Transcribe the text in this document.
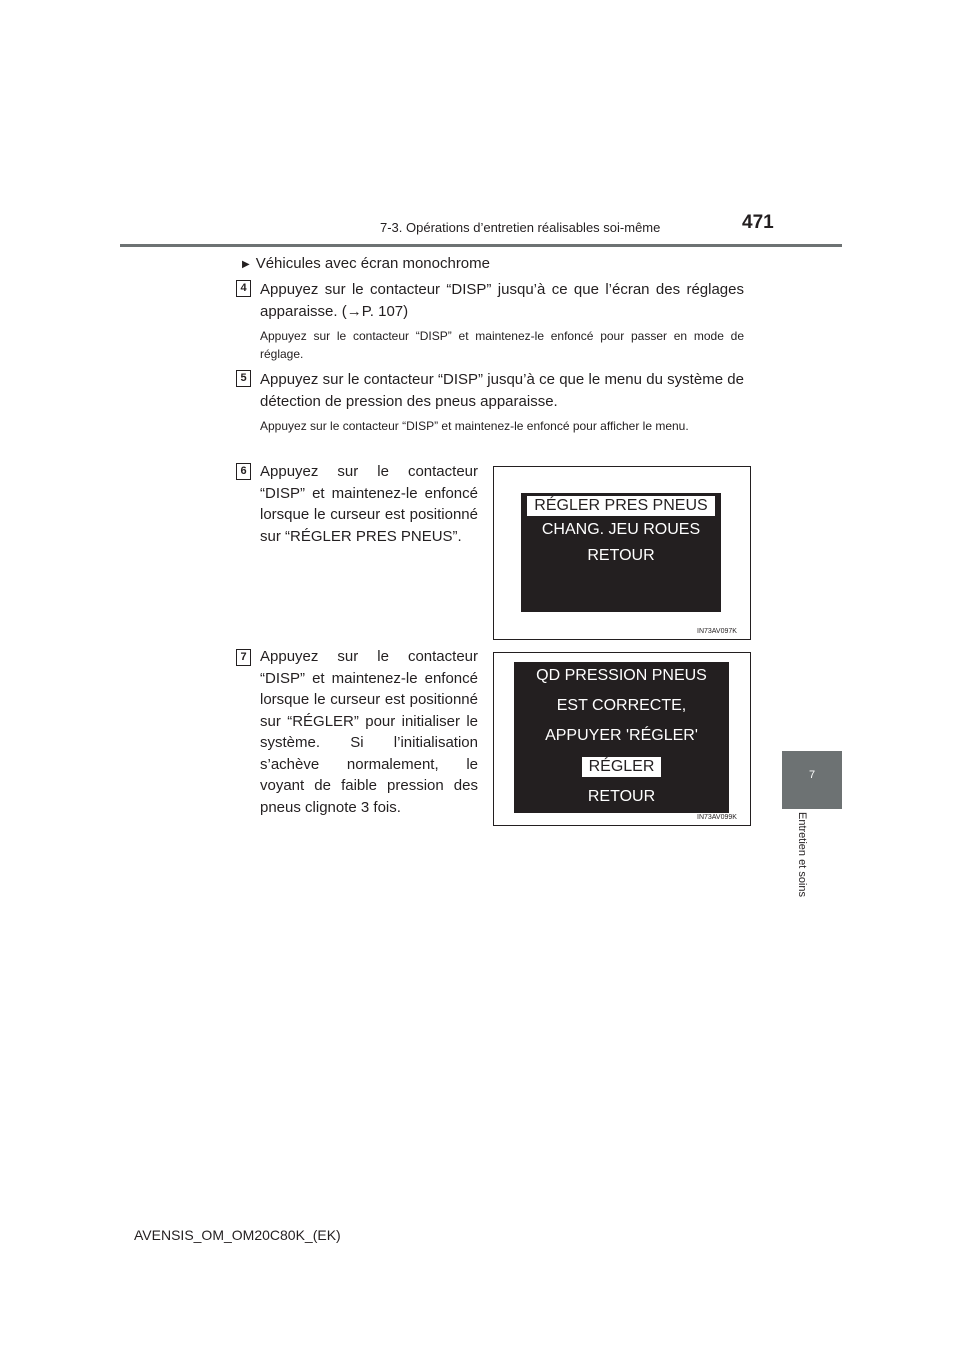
7-3. Opérations d’entretien réalisables soi-même	471
7
Entretien et soins
▶ Véhicules avec écran monochrome
4 Appuyez sur le contacteur “DISP” jusqu’à ce que l’écran des réglages apparaisse. (→P. 107)
Appuyez sur le contacteur “DISP” et maintenez-le enfoncé pour passer en mode de réglage.
5 Appuyez sur le contacteur “DISP” jusqu’à ce que le menu du système de détection de pression des pneus apparaisse.
Appuyez sur le contacteur “DISP” et maintenez-le enfoncé pour afficher le menu.
6 Appuyez sur le contacteur “DISP” et maintenez-le enfoncé lorsque le curseur est positionné sur “RÉGLER PRES PNEUS”.
RÉGLER PRES PNEUS
CHANG. JEU ROUES
RETOUR
IN73AV097K
7 Appuyez sur le contacteur “DISP” et maintenez-le enfoncé lorsque le curseur est positionné sur “RÉGLER” pour initialiser le système. Si l’initialisation s’achève normalement, le voyant de faible pression des pneus clignote 3 fois.
QD PRESSION PNEUS
EST CORRECTE,
APPUYER 'RÉGLER'
RÉGLER
RETOUR
IN73AV099K
AVENSIS_OM_OM20C80K_(EK)
